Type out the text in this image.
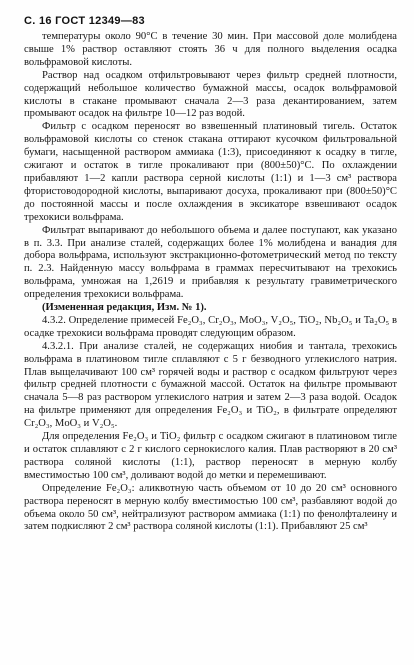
С. 16 ГОСТ 12349—83

температуры около 90°C в течение 30 мин. При массовой доле молибдена свыше 1% раствор оставляют стоять 36 ч для полного выделения осадка вольфрамовой кислоты.

Раствор над осадком отфильтровывают через фильтр средней плотности, содержащий небольшое количество бумажной массы, осадок вольфрамовой кислоты в стакане промывают сначала 2—3 раза декантированием, затем промывают осадок на фильтре 10—12 раз водой.

Фильтр с осадком переносят во взвешенный платиновый тигель. Остаток вольфрамовой кислоты со стенок стакана оттирают кусочком фильтровальной бумаги, насыщенной раствором аммиака (1:3), присоединяют к осадку в тигле, сжигают и остаток в тигле прокаливают при (800±50)°C. По охлаждении прибавляют 1—2 капли раствора серной кислоты (1:1) и 1—3 см³ раствора фтористоводородной кислоты, выпаривают досуха, прокаливают при (800±50)°C до постоянной массы и после охлаждения в эксикаторе взвешивают осадок трехокиси вольфрама.

Фильтрат выпаривают до небольшого объема и далее поступают, как указано в п. 3.3. При анализе сталей, содержащих более 1% молибдена и ванадия для добора вольфрама, используют экстракционно-фотометрический метод по тексту п. 2.3. Найденную массу вольфрама в граммах пересчитывают на трехокись вольфрама, умножая на 1,2619 и прибавляя к результату гравиметрического определения трехокиси вольфрама.

(Измененная редакция, Изм. № 1).

4.3.2. Определение примесей Fe₂O₃, Cr₂O₃, MoO₃, V₂O₅, TiO₂, Nb₂O₅ и Ta₂O₅ в осадке трехокиси вольфрама проводят следующим образом.

4.3.2.1. При анализе сталей, не содержащих ниобия и тантала, трехокись вольфрама в платиновом тигле сплавляют с 5 г безводного углекислого натрия. Плав выщелачивают 100 см³ горячей воды и раствор с осадком фильтруют через фильтр средней плотности с бумажной массой. Остаток на фильтре промывают сначала 5—8 раз раствором углекислого натрия и затем 2—3 раза водой. Осадок на фильтре применяют для определения Fe₂O₃ и TiO₂, в фильтрате определяют Cr₂O₃, MoO₃ и V₂O₅.

Для определения Fe₂O₃ и TiO₂ фильтр с осадком сжигают в платиновом тигле и остаток сплавляют с 2 г кислого сернокислого калия. Плав растворяют в 20 см³ раствора соляной кислоты (1:1), раствор переносят в мерную колбу вместимостью 100 см³, доливают водой до метки и перемешивают.

Определение Fe₂O₃: аликвотную часть объемом от 10 до 20 см³ основного раствора переносят в мерную колбу вместимостью 100 см³, разбавляют водой до объема около 50 см³, нейтрализуют раствором аммиака (1:1) по фенолфталеину и затем подкисляют 2 см³ раствора соляной кислоты (1:1). Прибавляют 25 см³
